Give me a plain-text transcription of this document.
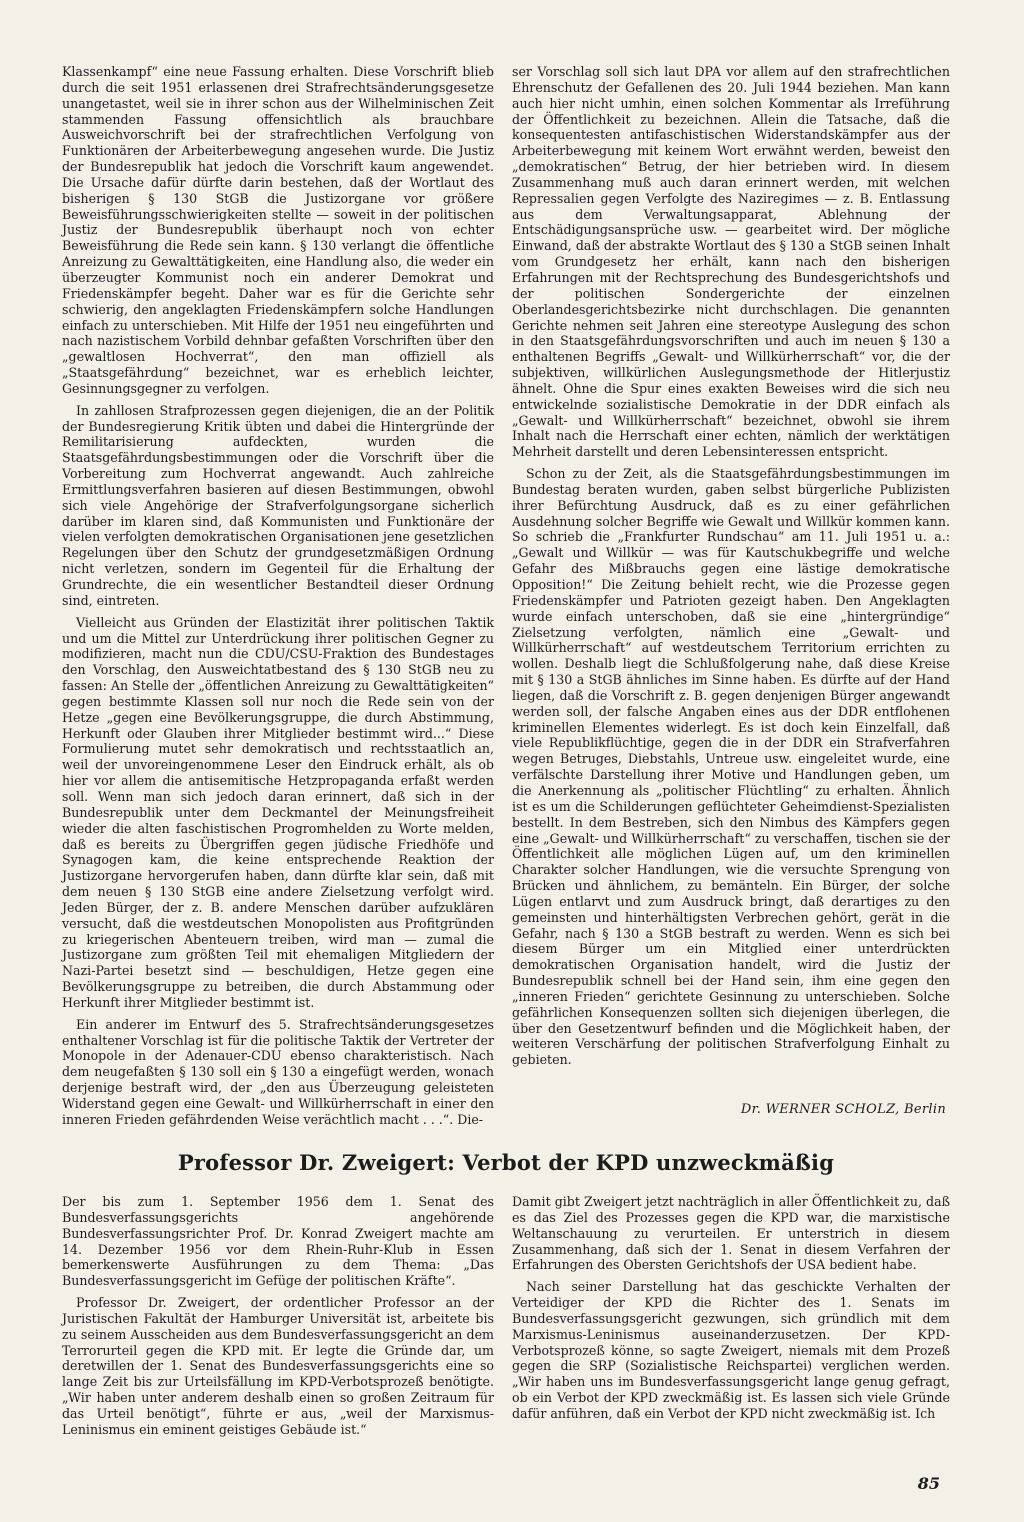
Klassenkampf“ eine neue Fassung erhalten. Diese Vorschrift blieb durch die seit 1951 erlassenen drei Strafrechtsänderungsgesetze unangetastet, weil sie in ihrer schon aus der Wilhelminischen Zeit stammenden Fassung offensichtlich als brauchbare Ausweichvorschrift bei der strafrechtlichen Verfolgung von Funktionären der Arbeiterbewegung angesehen wurde. Die Justiz der Bundesrepublik hat jedoch die Vorschrift kaum angewendet. Die Ursache dafür dürfte darin bestehen, daß der Wortlaut des bisherigen § 130 StGB die Justizorgane vor größere Beweisführungsschwierigkeiten stellte — soweit in der politischen Justiz der Bundesrepublik überhaupt noch von echter Beweisführung die Rede sein kann. § 130 verlangt die öffentliche Anreizung zu Gewalttätigkeiten, eine Handlung also, die weder ein überzeugter Kommunist noch ein anderer Demokrat und Friedenskämpfer begeht. Daher war es für die Gerichte sehr schwierig, den angeklagten Friedenskämpfern solche Handlungen einfach zu unterschieben. Mit Hilfe der 1951 neu eingeführten und nach nazistischem Vorbild dehnbar gefaßten Vorschriften über den „gewaltlosen Hochverrat“, den man offiziell als „Staatsgefährdung“ bezeichnet, war es erheblich leichter, Gesinnungsgegner zu verfolgen.

In zahllosen Strafprozessen gegen diejenigen, die an der Politik der Bundesregierung Kritik übten und dabei die Hintergründe der Remilitarisierung aufdeckten, wurden die Staatsgefährdungsbestimmungen oder die Vorschrift über die Vorbereitung zum Hochverrat angewandt. Auch zahlreiche Ermittlungsverfahren basieren auf diesen Bestimmungen, obwohl sich viele Angehörige der Strafverfolgungsorgane sicherlich darüber im klaren sind, daß Kommunisten und Funktionäre der vielen verfolgten demokratischen Organisationen jene gesetzlichen Regelungen über den Schutz der grundgesetzmäßigen Ordnung nicht verletzen, sondern im Gegenteil für die Erhaltung der Grundrechte, die ein wesentlicher Bestandteil dieser Ordnung sind, eintreten.

Vielleicht aus Gründen der Elastizität ihrer politischen Taktik und um die Mittel zur Unterdrückung ihrer politischen Gegner zu modifizieren, macht nun die CDU/CSU-Fraktion des Bundestages den Vorschlag, den Ausweichtatbestand des § 130 StGB neu zu fassen: An Stelle der „öffentlichen Anreizung zu Gewalttätigkeiten“ gegen bestimmte Klassen soll nur noch die Rede sein von der Hetze „gegen eine Bevölkerungsgruppe, die durch Abstimmung, Herkunft oder Glauben ihrer Mitglieder bestimmt wird...“ Diese Formulierung mutet sehr demokratisch und rechtsstaatlich an, weil der unvoreingenommene Leser den Eindruck erhält, als ob hier vor allem die antisemitische Hetzpropaganda erfaßt werden soll. Wenn man sich jedoch daran erinnert, daß sich in der Bundesrepublik unter dem Deckmantel der Meinungsfreiheit wieder die alten faschistischen Progromhelden zu Worte melden, daß es bereits zu Übergriffen gegen jüdische Friedhöfe und Synagogen kam, die keine entsprechende Reaktion der Justizorgane hervorgerufen haben, dann dürfte klar sein, daß mit dem neuen § 130 StGB eine andere Zielsetzung verfolgt wird. Jeden Bürger, der z. B. andere Menschen darüber aufzuklären versucht, daß die westdeutschen Monopolisten aus Profitgründen zu kriegerischen Abenteuern treiben, wird man — zumal die Justizorgane zum größten Teil mit ehemaligen Mitgliedern der Nazi-Partei besetzt sind — beschuldigen, Hetze gegen eine Bevölkerungsgruppe zu betreiben, die durch Abstammung oder Herkunft ihrer Mitglieder bestimmt ist.

Ein anderer im Entwurf des 5. Strafrechtsänderungsgesetzes enthaltener Vorschlag ist für die politische Taktik der Vertreter der Monopole in der Adenauer-CDU ebenso charakteristisch. Nach dem neugefaßten § 130 soll ein § 130 a eingefügt werden, wonach derjenige bestraft wird, der „den aus Überzeugung geleisteten Widerstand gegen eine Gewalt- und Willkürherrschaft in einer den inneren Frieden gefährdenden Weise verächtlich macht . . .“. Die-

ser Vorschlag soll sich laut DPA vor allem auf den strafrechtlichen Ehrenschutz der Gefallenen des 20. Juli 1944 beziehen. Man kann auch hier nicht umhin, einen solchen Kommentar als Irreführung der Öffentlichkeit zu bezeichnen. Allein die Tatsache, daß die konsequentesten antifaschistischen Widerstandskämpfer aus der Arbeiterbewegung mit keinem Wort erwähnt werden, beweist den „demokratischen“ Betrug, der hier betrieben wird. In diesem Zusammenhang muß auch daran erinnert werden, mit welchen Repressalien gegen Verfolgte des Naziregimes — z. B. Entlassung aus dem Verwaltungsapparat, Ablehnung der Entschädigungsansprüche usw. — gearbeitet wird. Der mögliche Einwand, daß der abstrakte Wortlaut des § 130 a StGB seinen Inhalt vom Grundgesetz her erhält, kann nach den bisherigen Erfahrungen mit der Rechtsprechung des Bundesgerichtshofs und der politischen Sondergerichte der einzelnen Oberlandesgerichtsbezirke nicht durchschlagen. Die genannten Gerichte nehmen seit Jahren eine stereotype Auslegung des schon in den Staatsgefährdungsvorschriften und auch im neuen § 130 a enthaltenen Begriffs „Gewalt- und Willkürherrschaft“ vor, die der subjektiven, willkürlichen Auslegungsmethode der Hitlerjustiz ähnelt. Ohne die Spur eines exakten Beweises wird die sich neu entwickelnde sozialistische Demokratie in der DDR einfach als „Gewalt- und Willkürherrschaft“ bezeichnet, obwohl sie ihrem Inhalt nach die Herrschaft einer echten, nämlich der werktätigen Mehrheit darstellt und deren Lebensinteressen entspricht.

Schon zu der Zeit, als die Staatsgefährdungsbestimmungen im Bundestag beraten wurden, gaben selbst bürgerliche Publizisten ihrer Befürchtung Ausdruck, daß es zu einer gefährlichen Ausdehnung solcher Begriffe wie Gewalt und Willkür kommen kann. So schrieb die „Frankfurter Rundschau“ am 11. Juli 1951 u. a.: „Gewalt und Willkür — was für Kautschukbegriffe und welche Gefahr des Mißbrauchs gegen eine lästige demokratische Opposition!“ Die Zeitung behielt recht, wie die Prozesse gegen Friedenskämpfer und Patrioten gezeigt haben. Den Angeklagten wurde einfach unterschoben, daß sie eine „hintergründige“ Zielsetzung verfolgten, nämlich eine „Gewalt- und Willkürherrschaft“ auf westdeutschem Territorium errichten zu wollen. Deshalb liegt die Schlußfolgerung nahe, daß diese Kreise mit § 130 a StGB ähnliches im Sinne haben. Es dürfte auf der Hand liegen, daß die Vorschrift z. B. gegen denjenigen Bürger angewandt werden soll, der falsche Angaben eines aus der DDR entflohenen kriminellen Elementes widerlegt. Es ist doch kein Einzelfall, daß viele Republikflüchtige, gegen die in der DDR ein Strafverfahren wegen Betruges, Diebstahls, Untreue usw. eingeleitet wurde, eine verfälschte Darstellung ihrer Motive und Handlungen geben, um die Anerkennung als „politischer Flüchtling“ zu erhalten. Ähnlich ist es um die Schilderungen geflüchteter Geheimdienst-Spezialisten bestellt. In dem Bestreben, sich den Nimbus des Kämpfers gegen eine „Gewalt- und Willkürherrschaft“ zu verschaffen, tischen sie der Öffentlichkeit alle möglichen Lügen auf, um den kriminellen Charakter solcher Handlungen, wie die versuchte Sprengung von Brücken und ähnlichem, zu bemänteln. Ein Bürger, der solche Lügen entlarvt und zum Ausdruck bringt, daß derartiges zu den gemeinsten und hinterhältigsten Verbrechen gehört, gerät in die Gefahr, nach § 130 a StGB bestraft zu werden. Wenn es sich bei diesem Bürger um ein Mitglied einer unterdrückten demokratischen Organisation handelt, wird die Justiz der Bundesrepublik schnell bei der Hand sein, ihm eine gegen den „inneren Frieden“ gerichtete Gesinnung zu unterschieben. Solche gefährlichen Konsequenzen sollten sich diejenigen überlegen, die über den Gesetzentwurf befinden und die Möglichkeit haben, der weiteren Verschärfung der politischen Strafverfolgung Einhalt zu gebieten.

Dr. WERNER SCHOLZ, Berlin
Professor Dr. Zweigert: Verbot der KPD unzweckmäßig

Der bis zum 1. September 1956 dem 1. Senat des Bundesverfassungsgerichts angehörende Bundesverfassungsrichter Prof. Dr. Konrad Zweigert machte am 14. Dezember 1956 vor dem Rhein-Ruhr-Klub in Essen bemerkenswerte Ausführungen zu dem Thema: „Das Bundesverfassungsgericht im Gefüge der politischen Kräfte“.

Professor Dr. Zweigert, der ordentlicher Professor an der Juristischen Fakultät der Hamburger Universität ist, arbeitete bis zu seinem Ausscheiden aus dem Bundesverfassungsgericht an dem Terrorurteil gegen die KPD mit. Er legte die Gründe dar, um deretwillen der 1. Senat des Bundesverfassungsgerichts eine so lange Zeit bis zur Urteilsfällung im KPD-Verbotsprozeß benötigte. „Wir haben unter anderem deshalb einen so großen Zeitraum für das Urteil benötigt“, führte er aus, „weil der Marxismus-Leninismus ein eminent geistiges Gebäude ist.“

Damit gibt Zweigert jetzt nachträglich in aller Öffentlichkeit zu, daß es das Ziel des Prozesses gegen die KPD war, die marxistische Weltanschauung zu verurteilen. Er unterstrich in diesem Zusammenhang, daß sich der 1. Senat in diesem Verfahren der Erfahrungen des Obersten Gerichtshofs der USA bedient habe.

Nach seiner Darstellung hat das geschickte Verhalten der Verteidiger der KPD die Richter des 1. Senats im Bundesverfassungsgericht gezwungen, sich gründlich mit dem Marxismus-Leninismus auseinanderzusetzen. Der KPD-Verbotsprozeß könne, so sagte Zweigert, niemals mit dem Prozeß gegen die SRP (Sozialistische Reichspartei) verglichen werden. „Wir haben uns im Bundesverfassungsgericht lange genug gefragt, ob ein Verbot der KPD zweckmäßig ist. Es lassen sich viele Gründe dafür anführen, daß ein Verbot der KPD nicht zweckmäßig ist. Ich

85
